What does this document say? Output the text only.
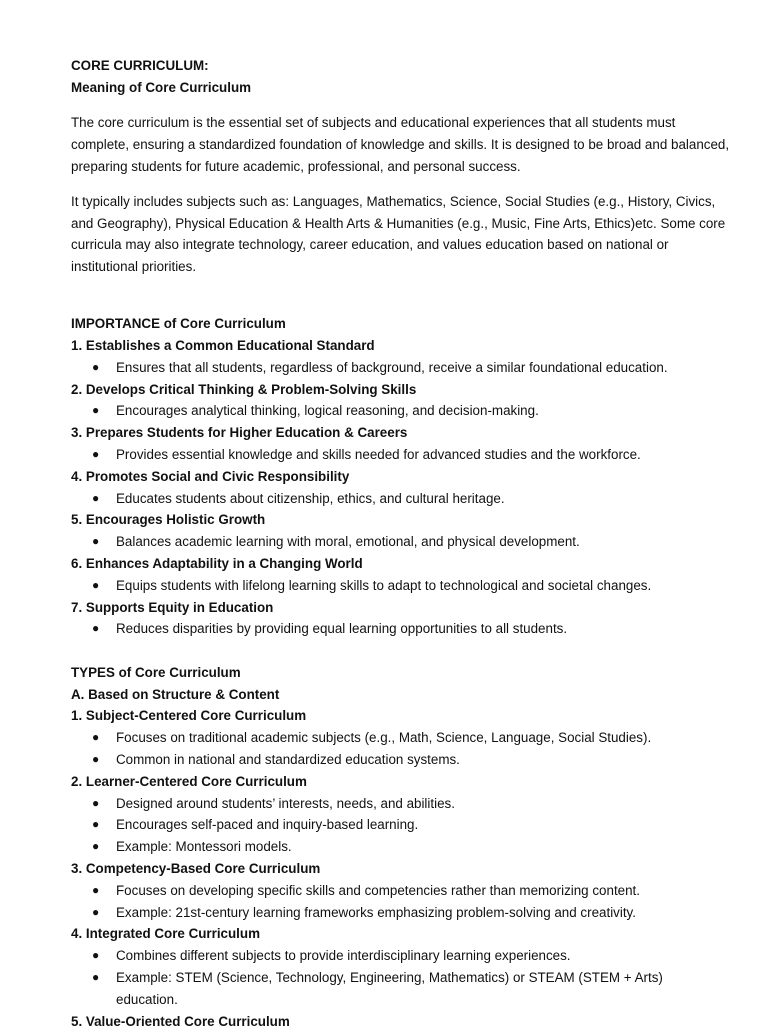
CORE CURRICULUM:

Meaning of Core Curriculum

The core curriculum is the essential set of subjects and educational experiences that all students must complete, ensuring a standardized foundation of knowledge and skills. It is designed to be broad and balanced, preparing students for future academic, professional, and personal success.

It typically includes subjects such as: Languages, Mathematics, Science, Social Studies (e.g., History, Civics, and Geography), Physical Education & Health Arts & Humanities (e.g., Music, Fine Arts, Ethics)etc. Some core curricula may also integrate technology, career education, and values education based on national or institutional priorities.

IMPORTANCE of Core Curriculum

1. Establishes a Common Educational Standard

● Ensures that all students, regardless of background, receive a similar foundational education.

2. Develops Critical Thinking & Problem-Solving Skills

● Encourages analytical thinking, logical reasoning, and decision-making.

3. Prepares Students for Higher Education & Careers

● Provides essential knowledge and skills needed for advanced studies and the workforce.

4. Promotes Social and Civic Responsibility

● Educates students about citizenship, ethics, and cultural heritage.

5. Encourages Holistic Growth

● Balances academic learning with moral, emotional, and physical development.

6. Enhances Adaptability in a Changing World

● Equips students with lifelong learning skills to adapt to technological and societal changes.

7. Supports Equity in Education

● Reduces disparities by providing equal learning opportunities to all students.

TYPES of Core Curriculum

A. Based on Structure & Content

1. Subject-Centered Core Curriculum

● Focuses on traditional academic subjects (e.g., Math, Science, Language, Social Studies).
● Common in national and standardized education systems.

2. Learner-Centered Core Curriculum

● Designed around students’ interests, needs, and abilities.
● Encourages self-paced and inquiry-based learning.
● Example: Montessori models.

3. Competency-Based Core Curriculum

● Focuses on developing specific skills and competencies rather than memorizing content.
● Example: 21st-century learning frameworks emphasizing problem-solving and creativity.

4. Integrated Core Curriculum

● Combines different subjects to provide interdisciplinary learning experiences.
● Example: STEM (Science, Technology, Engineering, Mathematics) or STEAM (STEM + Arts) education.

5. Value-Oriented Core Curriculum
